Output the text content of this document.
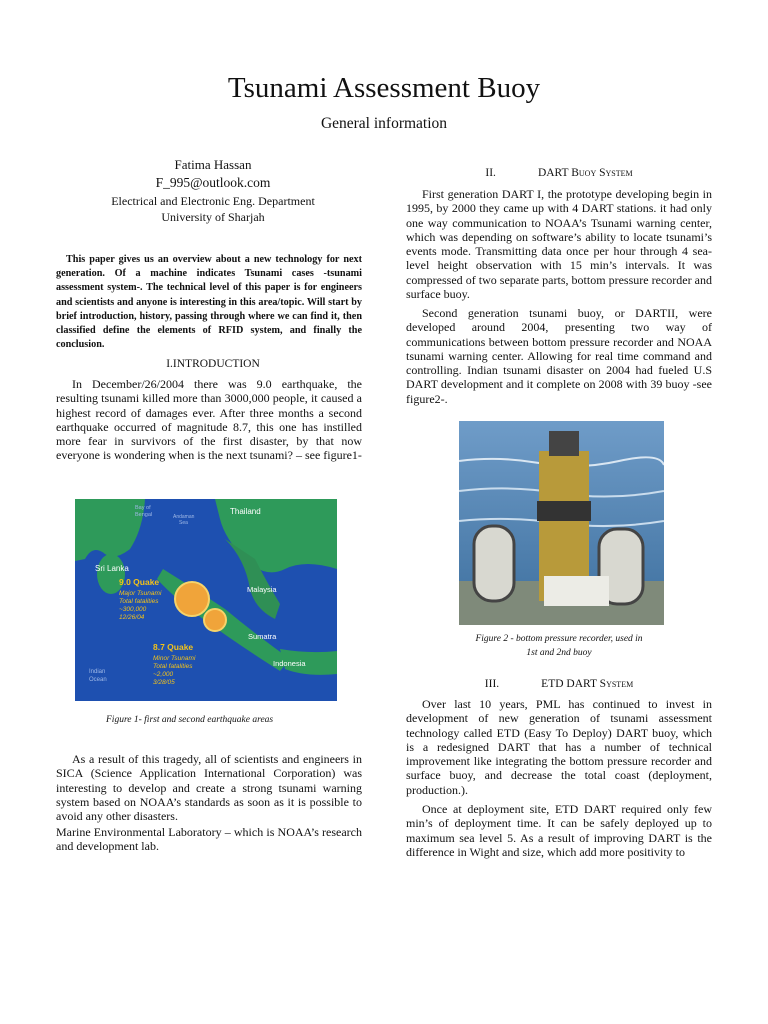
Tsunami Assessment Buoy
General information
Fatima Hassan
F_995@outlook.com
Electrical and Electronic Eng. Department
University of Sharjah
This paper gives us an overview about a new technology for next generation. Of a machine indicates Tsunami cases -tsunami assessment system-. The technical level of this paper is for engineers and scientists and anyone is interesting in this area/topic. Will start by brief introduction, history, passing through where we can find it, then classified define the elements of RFID system, and finally the conclusion.
I.INTRODUCTION
In December/26/2004 there was 9.0 earthquake, the resulting tsunami killed more than 3000,000 people, it caused a highest record of damages ever. After three months a second earthquake occurred of magnitude 8.7, this one has instilled more fear in survivors of the first disaster, by that now everyone is wondering when is the next tsunami? – see figure1-
Bay of
Bengal	Thailand
Andaman
Sea
Sri Lanka
Malaysia
Sumatra
Indonesia
Indian
Ocean
9.0 Quake
Major Tsunami
Total fatalities
~300,000
12/26/04
8.7 Quake
Minor Tsunami
Total fatalities
~2,000
3/28/05
Figure 1- first and second earthquake areas
As a result of this tragedy, all of scientists and engineers in SICA (Science Application International Corporation) was interesting to develop and create a strong tsunami warning system based on NOAA’s standards as soon as it is possible to avoid any other disasters.
Marine Environmental Laboratory – which is NOAA’s research and development lab.
II.	DART Buoy System
First generation DART I, the prototype developing begin in 1995, by 2000 they came up with 4 DART stations. it had only one way communication to NOAA’s Tsunami warning center, which was depending on software’s ability to locate tsunami’s events mode. Transmitting data once per hour through 4 sea-level height observation with 15 min’s intervals. It was compressed of two separate parts, bottom pressure recorder and surface buoy.
Second generation tsunami buoy, or DARTII, were developed around 2004, presenting two way of communications between bottom pressure recorder and NOAA tsunami warning center. Allowing for real time command and controlling. Indian tsunami disaster on 2004 had fueled U.S DART development and it complete on 2008 with 39 buoy -see figure2-.
Figure 2 - bottom pressure recorder, used in
1st and 2nd buoy
III.	ETD DART System
Over last 10 years, PML has continued to invest in development of new generation of tsunami assessment technology called ETD (Easy To Deploy) DART buoy, which is a redesigned DART that has a number of technical improvement like integrating the bottom pressure recorder and surface buoy, and decrease the total coast (deployment, production.).
Once at deployment site, ETD DART required only few min’s of deployment time. It can be safely deployed up to maximum sea level 5. As a result of improving DART is the difference in Wight and size, which add more positivity to
